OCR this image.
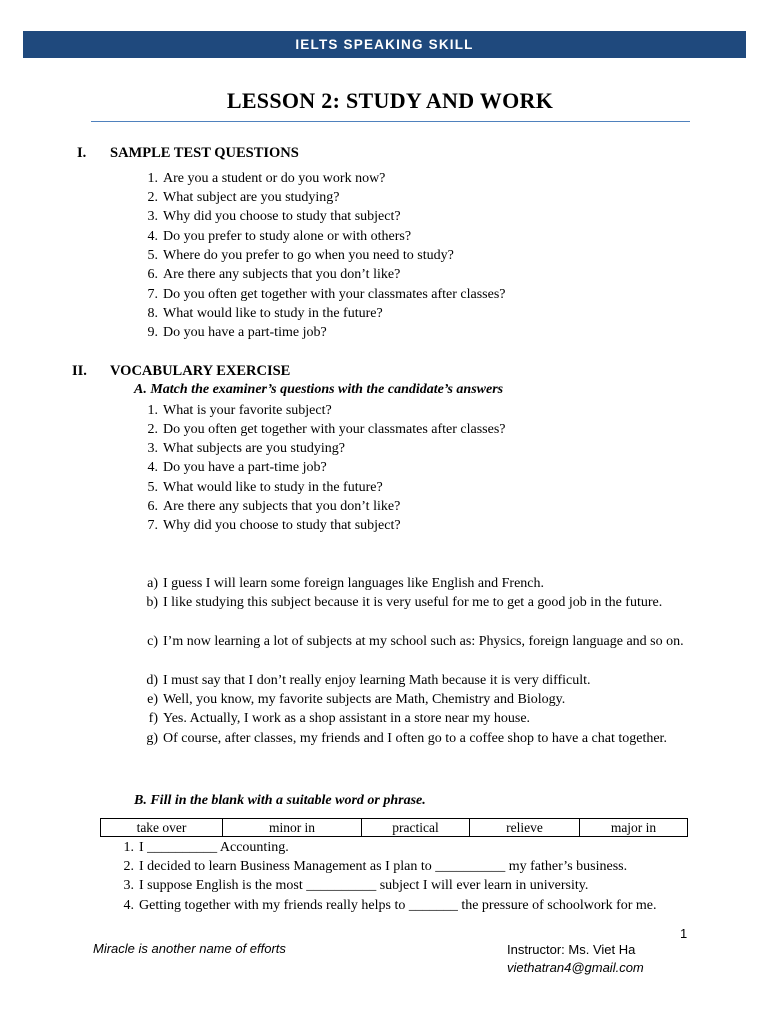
IELTS SPEAKING SKILL
LESSON 2: STUDY AND WORK
I. SAMPLE TEST QUESTIONS
1. Are you a student or do you work now?
2. What subject are you studying?
3. Why did you choose to study that subject?
4. Do you prefer to study alone or with others?
5. Where do you prefer to go when you need to study?
6. Are there any subjects that you don’t like?
7. Do you often get together with your classmates after classes?
8. What would like to study in the future?
9. Do you have a part-time job?
II. VOCABULARY EXERCISE
A. Match the examiner’s questions with the candidate’s answers
1. What is your favorite subject?
2. Do you often get together with your classmates after classes?
3. What subjects are you studying?
4. Do you have a part-time job?
5. What would like to study in the future?
6. Are there any subjects that you don’t like?
7. Why did you choose to study that subject?
a) I guess I will learn some foreign languages like English and French.
b) I like studying this subject because it is very useful for me to get a good job in the future.
c) I’m now learning a lot of subjects at my school such as: Physics, foreign language and so on.
d) I must say that I don’t really enjoy learning Math because it is very difficult.
e) Well, you know, my favorite subjects are Math, Chemistry and Biology.
f) Yes. Actually, I work as a shop assistant in a store near my house.
g) Of course, after classes, my friends and I often go to a coffee shop to have a chat together.
B. Fill in the blank with a suitable word or phrase.
take over	minor in	practical	relieve	major in
1. I __________ Accounting.
2. I decided to learn Business Management as I plan to __________ my father’s business.
3. I suppose English is the most __________ subject I will ever learn in university.
4. Getting together with my friends really helps to _______ the pressure of schoolwork for me.
1
Miracle is another name of efforts	Instructor: Ms. Viet Ha
viethatran4@gmail.com
